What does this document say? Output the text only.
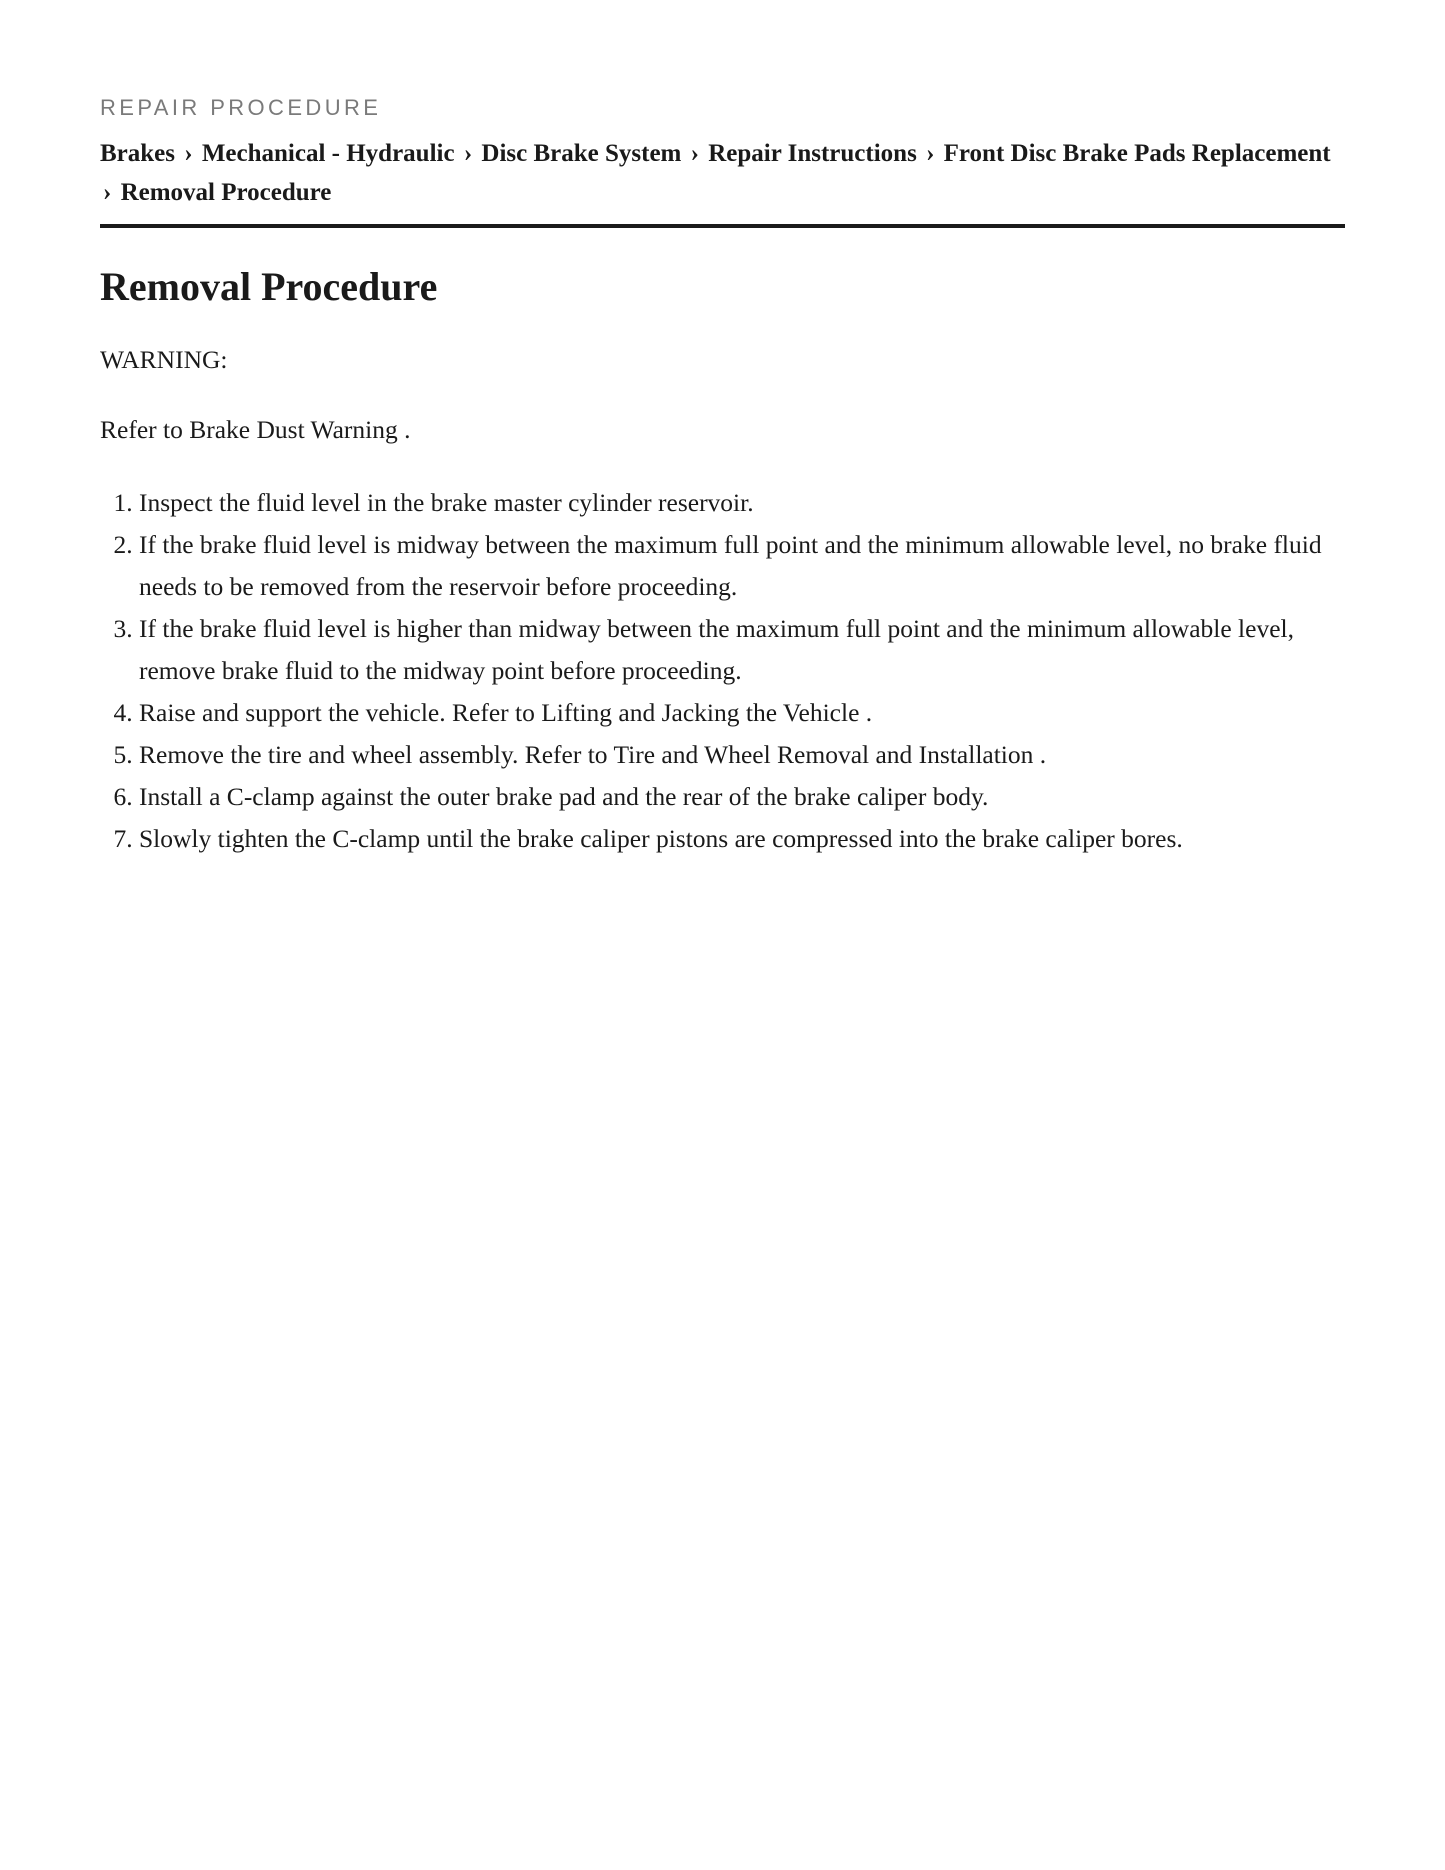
REPAIR PROCEDURE
Brakes › Mechanical - Hydraulic › Disc Brake System › Repair Instructions › Front Disc Brake Pads Replacement › Removal Procedure
Removal Procedure

WARNING:

Refer to Brake Dust Warning .

1. Inspect the fluid level in the brake master cylinder reservoir.
2. If the brake fluid level is midway between the maximum full point and the minimum allowable level, no brake fluid needs to be removed from the reservoir before proceeding.
3. If the brake fluid level is higher than midway between the maximum full point and the minimum allowable level, remove brake fluid to the midway point before proceeding.
4. Raise and support the vehicle. Refer to Lifting and Jacking the Vehicle .
5. Remove the tire and wheel assembly. Refer to Tire and Wheel Removal and Installation .
6. Install a C-clamp against the outer brake pad and the rear of the brake caliper body.
7. Slowly tighten the C-clamp until the brake caliper pistons are compressed into the brake caliper bores.
